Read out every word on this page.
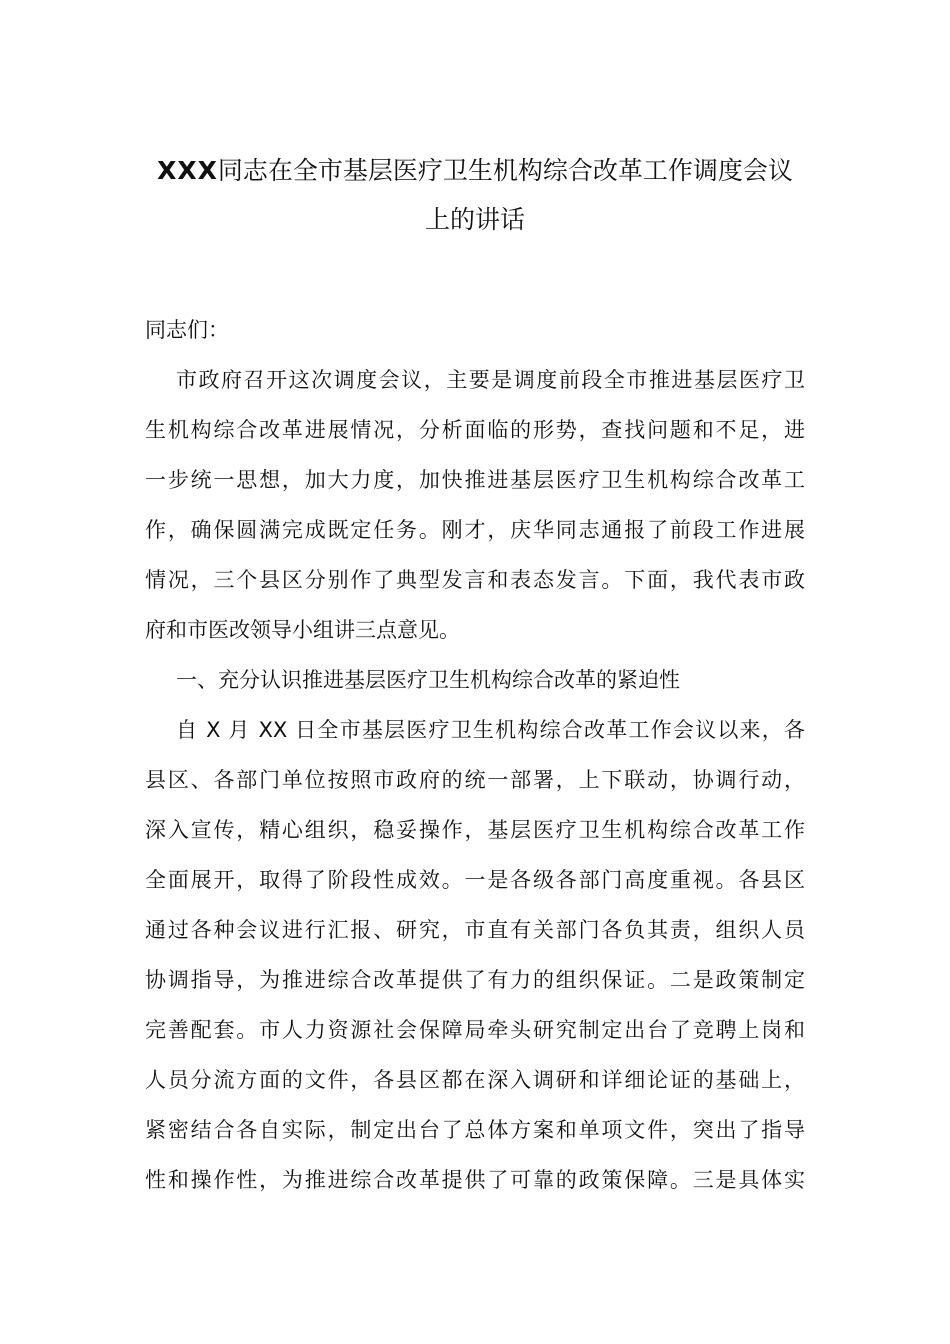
XXX同志在全市基层医疗卫生机构综合改革工作调度会议
上的讲话
同志们：
市政府召开这次调度会议，主要是调度前段全市推进基层医疗卫
生机构综合改革进展情况，分析面临的形势，查找问题和不足，进
一步统一思想，加大力度，加快推进基层医疗卫生机构综合改革工
作，确保圆满完成既定任务。刚才，庆华同志通报了前段工作进展
情况，三个县区分别作了典型发言和表态发言。下面，我代表市政
府和市医改领导小组讲三点意见。
一、充分认识推进基层医疗卫生机构综合改革的紧迫性
自 X 月 XX 日全市基层医疗卫生机构综合改革工作会议以来，各
县区、各部门单位按照市政府的统一部署，上下联动，协调行动，
深入宣传，精心组织，稳妥操作，基层医疗卫生机构综合改革工作
全面展开，取得了阶段性成效。一是各级各部门高度重视。各县区
通过各种会议进行汇报、研究，市直有关部门各负其责，组织人员
协调指导，为推进综合改革提供了有力的组织保证。二是政策制定
完善配套。市人力资源社会保障局牵头研究制定出台了竞聘上岗和
人员分流方面的文件，各县区都在深入调研和详细论证的基础上，
紧密结合各自实际，制定出台了总体方案和单项文件，突出了指导
性和操作性，为推进综合改革提供了可靠的政策保障。三是具体实
